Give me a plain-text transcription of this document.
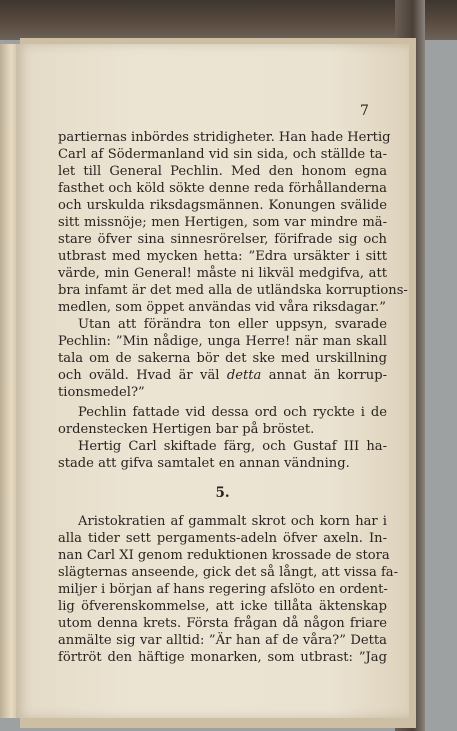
7
partiernas inbördes stridigheter. Han hade Hertig
Carl af Södermanland vid sin sida, och ställde ta-
let till General Pechlin. Med den honom egna
fasthet och köld sökte denne reda förhållanderna
och urskulda riksdagsmännen. Konungen svälide
sitt missnöje; men Hertigen, som var mindre mä-
stare öfver sina sinnesrörelser, förifrade sig och
utbrast med mycken hetta: ”Edra ursäkter i sitt
värde, min General! måste ni likväl medgifva, att
bra infamt är det med alla de utländska korruptions-
medlen, som öppet användas vid våra riksdagar.”
Utan att förändra ton eller uppsyn, svarade
Pechlin: ”Min nådige, unga Herre! när man skall
tala om de sakerna bör det ske med urskillning
och oväld. Hvad är väl detta annat än korrup-
tionsmedel?”
Pechlin fattade vid dessa ord och ryckte i de
ordenstecken Hertigen bar på bröstet.
Hertig Carl skiftade färg, och Gustaf III ha-
stade att gifva samtalet en annan vändning.
5.
Aristokratien af gammalt skrot och korn har i
alla tider sett pergaments-adeln öfver axeln. In-
nan Carl XI genom reduktionen krossade de stora
slägternas anseende, gick det så långt, att vissa fa-
miljer i början af hans regering afslöto en ordent-
lig öfverenskommelse, att icke tillåta äktenskap
utom denna krets. Första frågan då någon friare
anmälte sig var alltid: ”Är han af de våra?” Detta
förtröt den häftige monarken, som utbrast: ”Jag
